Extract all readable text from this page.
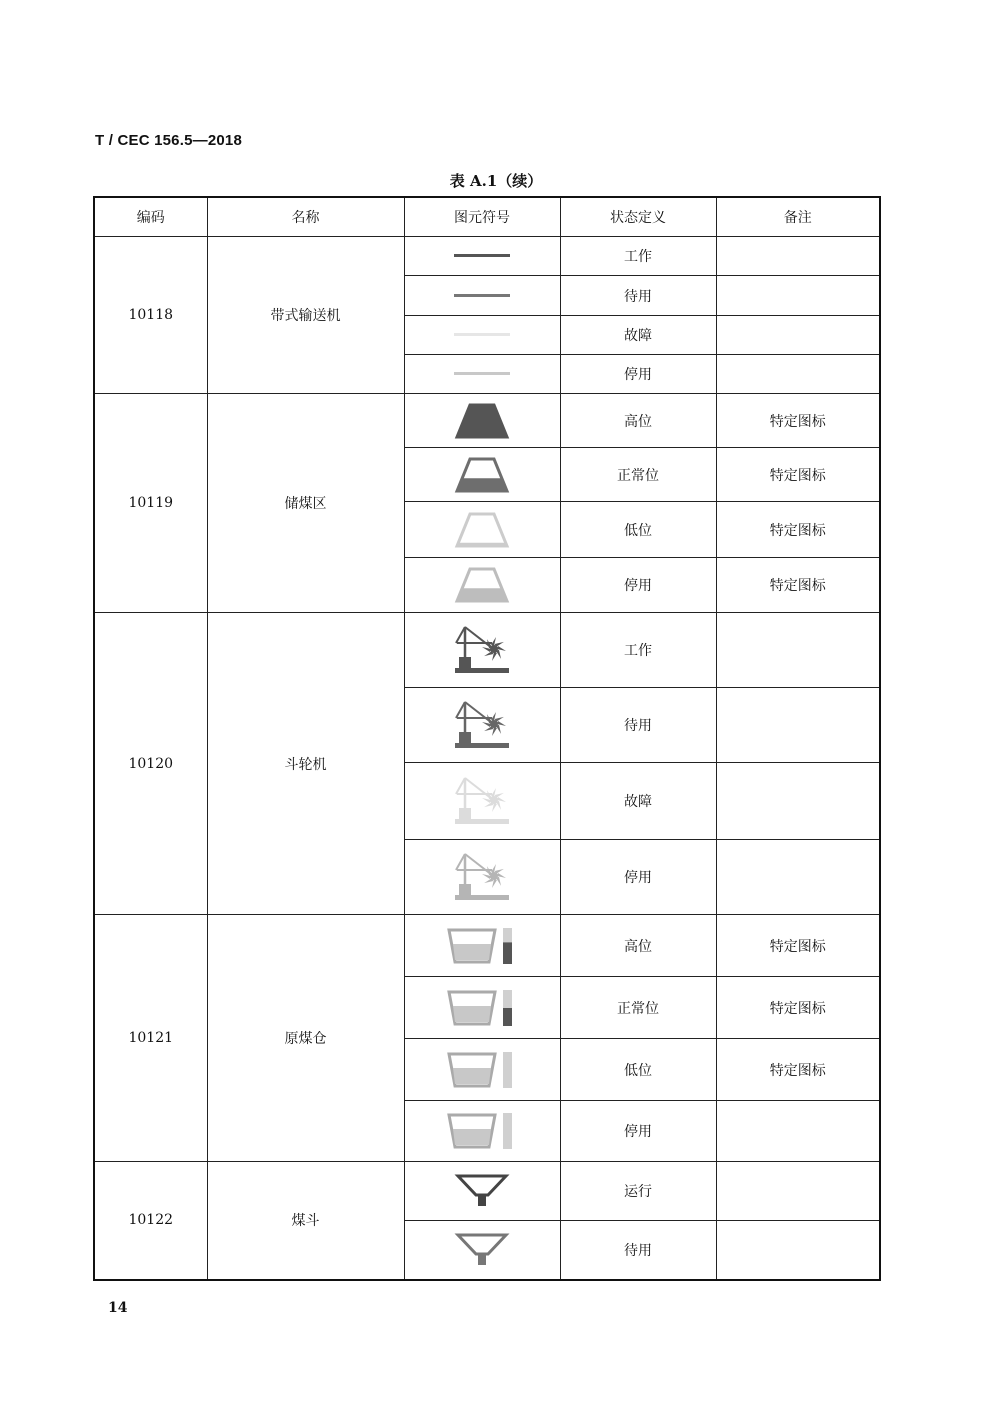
T / CEC 156.5—2018
表 A.1（续）
编码	名称	图元符号	状态定义	备注
10118	带式输送机		工作	

	待用	

	故障	

	停用	
10119	储煤区		高位	特定图标

	正常位	特定图标

	低位	特定图标

	停用	特定图标
10120	斗轮机		工作	

	待用	

	故障	

	停用	
10121	原煤仓		高位	特定图标

	正常位	特定图标

	低位	特定图标

	停用	
10122	煤斗		运行	

	待用	
14
